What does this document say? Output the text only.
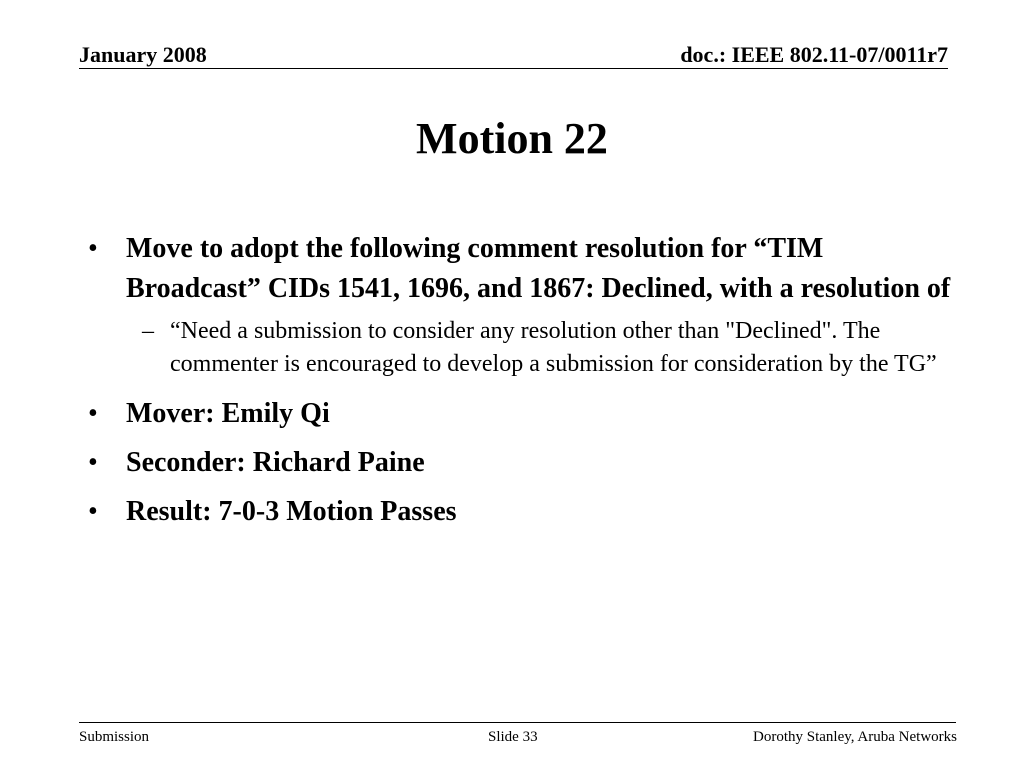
January 2008	doc.: IEEE 802.11-07/0011r7
Motion 22
• Move to adopt the following comment resolution for “TIM Broadcast” CIDs 1541, 1696, and 1867: Declined, with a resolution of
– “Need a submission to consider any resolution other than "Declined". The commenter is encouraged to develop a submission for consideration by the TG”
• Mover: Emily Qi
• Seconder: Richard Paine
• Result: 7-0-3 Motion Passes
Submission	Slide 33	Dorothy Stanley, Aruba Networks
